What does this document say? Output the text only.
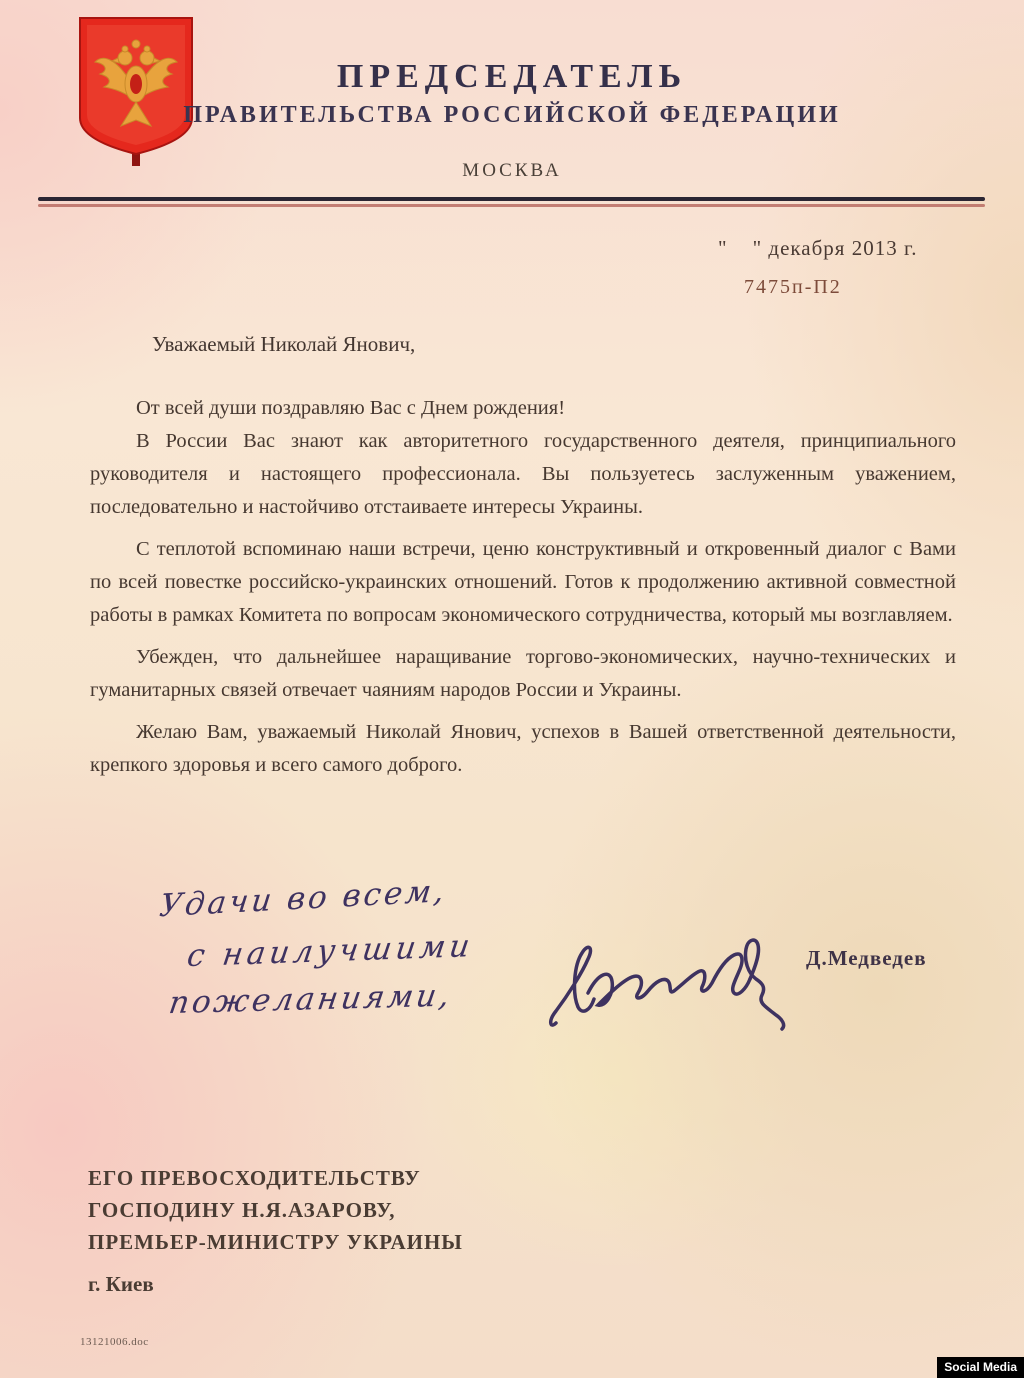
ПРЕДСЕДАТЕЛЬ
ПРАВИТЕЛЬСТВА РОССИЙСКОЙ ФЕДЕРАЦИИ
МОСКВА
"    " декабря 2013 г.
7475п-П2
Уважаемый Николай Янович,

От всей души поздравляю Вас с Днем рождения!

В России Вас знают как авторитетного государственного деятеля, принципиального руководителя и настоящего профессионала. Вы пользуетесь заслуженным уважением, последовательно и настойчиво отстаиваете интересы Украины.

С теплотой вспоминаю наши встречи, ценю конструктивный и откровенный диалог с Вами по всей повестке российско-украинских отношений. Готов к продолжению активной совместной работы в рамках Комитета по вопросам экономического сотрудничества, который мы возглавляем.

Убежден, что дальнейшее наращивание торгово-экономических, научно-технических и гуманитарных связей отвечает чаяниям народов России и Украины.

Желаю Вам, уважаемый Николай Янович, успехов в Вашей ответственной деятельности, крепкого здоровья и всего самого доброго.

Удачи во всем,
с наилучшими
пожеланиями,
Д.Медведев
ЕГО ПРЕВОСХОДИТЕЛЬСТВУ
ГОСПОДИНУ Н.Я.АЗАРОВУ,
ПРЕМЬЕР-МИНИСТРУ УКРАИНЫ
г. Киев
13121006.doc
Social Media
